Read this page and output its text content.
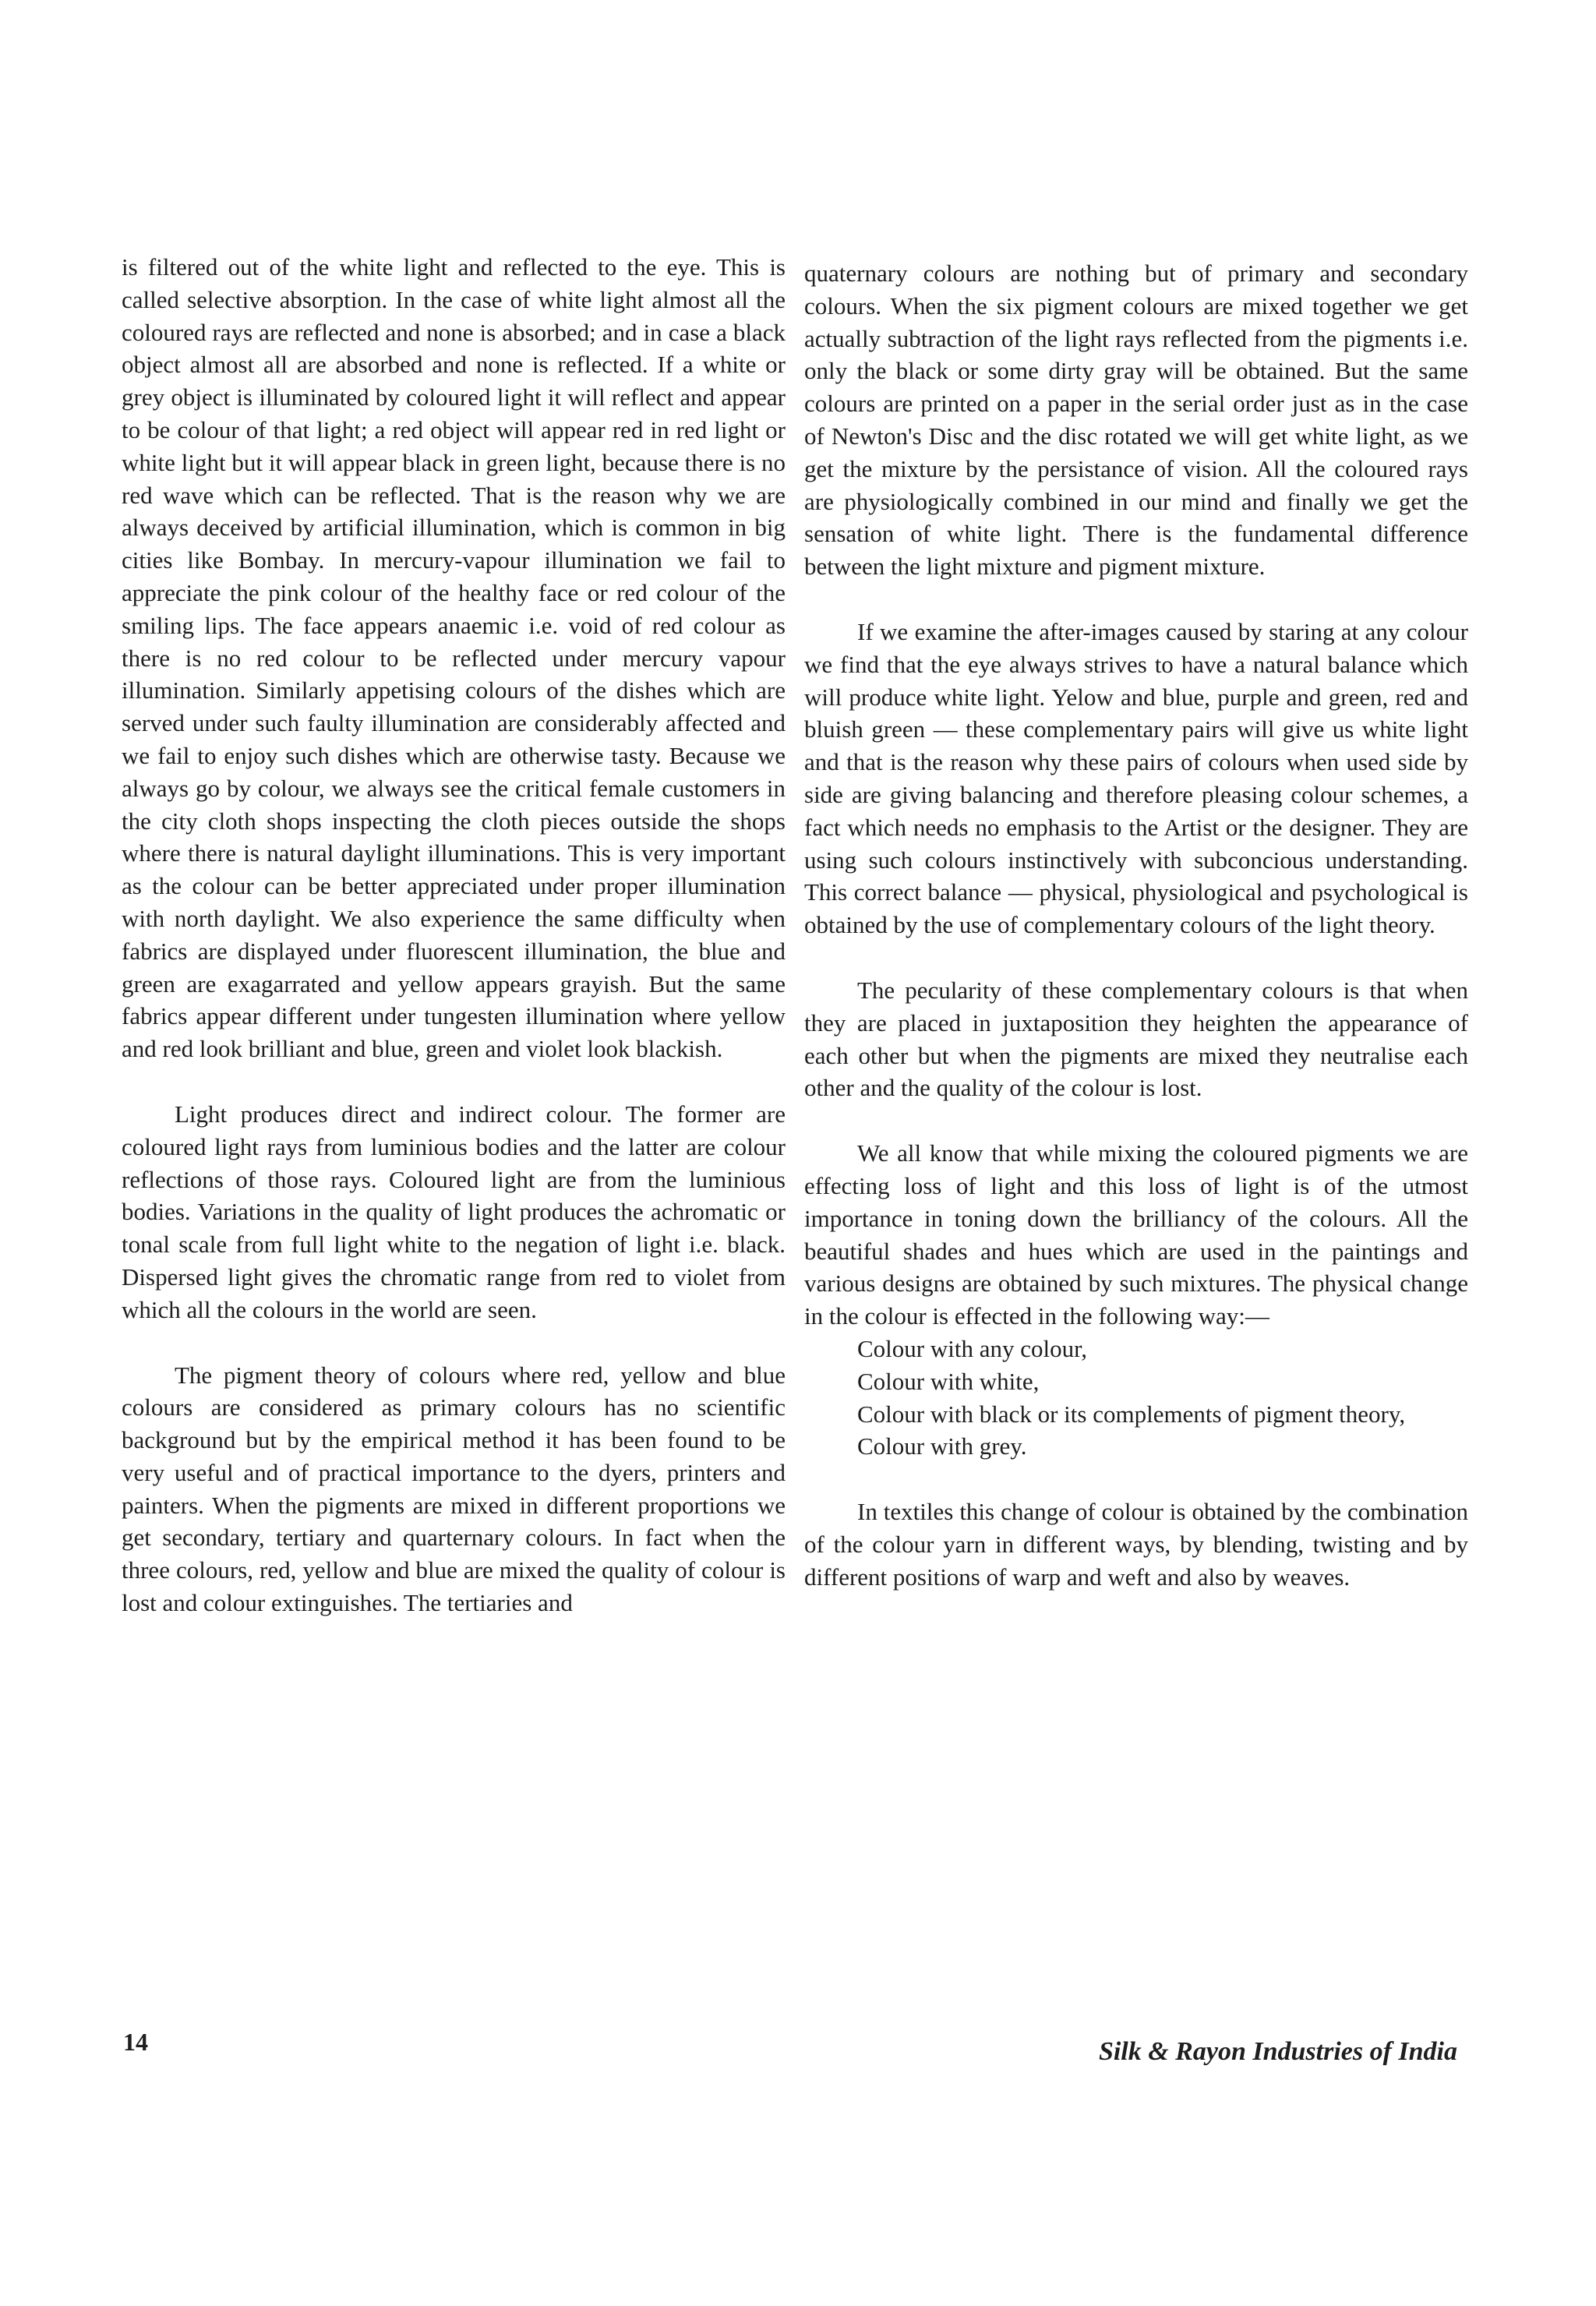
is filtered out of the white light and reflected to the eye. This is called selective absorption. In the case of white light almost all the coloured rays are reflected and none is absorbed; and in case a black object almost all are absorbed and none is reflected. If a white or grey object is illuminated by coloured light it will reflect and appear to be colour of that light; a red object will appear red in red light or white light but it will appear black in green light, because there is no red wave which can be reflected. That is the reason why we are always deceived by artificial illumination, which is common in big cities like Bombay. In mercury-vapour illumination we fail to appreciate the pink colour of the healthy face or red colour of the smiling lips. The face appears anaemic i.e. void of red colour as there is no red colour to be reflected under mercury vapour illumination. Similarly appetising colours of the dishes which are served under such faulty illumination are considerably affected and we fail to enjoy such dishes which are otherwise tasty. Because we always go by colour, we always see the critical female customers in the city cloth shops inspecting the cloth pieces outside the shops where there is natural daylight illuminations. This is very important as the colour can be better appreciated under proper illumination with north daylight. We also experience the same difficulty when fabrics are displayed under fluorescent illumination, the blue and green are exagarrated and yellow appears grayish. But the same fabrics appear different under tungesten illumination where yellow and red look brilliant and blue, green and violet look blackish.

Light produces direct and indirect colour. The former are coloured light rays from luminious bodies and the latter are colour reflections of those rays. Coloured light are from the luminious bodies. Variations in the quality of light produces the achromatic or tonal scale from full light white to the negation of light i.e. black. Dispersed light gives the chromatic range from red to violet from which all the colours in the world are seen.

The pigment theory of colours where red, yellow and blue colours are considered as primary colours has no scientific background but by the empirical method it has been found to be very useful and of practical importance to the dyers, printers and painters. When the pigments are mixed in different proportions we get secondary, tertiary and quarternary colours. In fact when the three colours, red, yellow and blue are mixed the quality of colour is lost and colour extinguishes. The tertiaries and

quaternary colours are nothing but of primary and secondary colours. When the six pigment colours are mixed together we get actually subtraction of the light rays reflected from the pigments i.e. only the black or some dirty gray will be obtained. But the same colours are printed on a paper in the serial order just as in the case of Newton's Disc and the disc rotated we will get white light, as we get the mixture by the persistance of vision. All the coloured rays are physiologically combined in our mind and finally we get the sensation of white light. There is the fundamental difference between the light mixture and pigment mixture.

If we examine the after-images caused by staring at any colour we find that the eye always strives to have a natural balance which will produce white light. Yelow and blue, purple and green, red and bluish green — these complementary pairs will give us white light and that is the reason why these pairs of colours when used side by side are giving balancing and therefore pleasing colour schemes, a fact which needs no emphasis to the Artist or the designer. They are using such colours instinctively with subconcious understanding. This correct balance — physical, physiological and psychological is obtained by the use of complementary colours of the light theory.

The pecularity of these complementary colours is that when they are placed in juxtaposition they heighten the appearance of each other but when the pigments are mixed they neutralise each other and the quality of the colour is lost.

We all know that while mixing the coloured pigments we are effecting loss of light and this loss of light is of the utmost importance in toning down the brilliancy of the colours. All the beautiful shades and hues which are used in the paintings and various designs are obtained by such mixtures. The physical change in the colour is effected in the following way:—

Colour with any colour,

Colour with white,

Colour with black or its complements of pigment theory,

Colour with grey.

In textiles this change of colour is obtained by the combination of the colour yarn in different ways, by blending, twisting and by different positions of warp and weft and also by weaves.

14	Silk & Rayon Industries of India
